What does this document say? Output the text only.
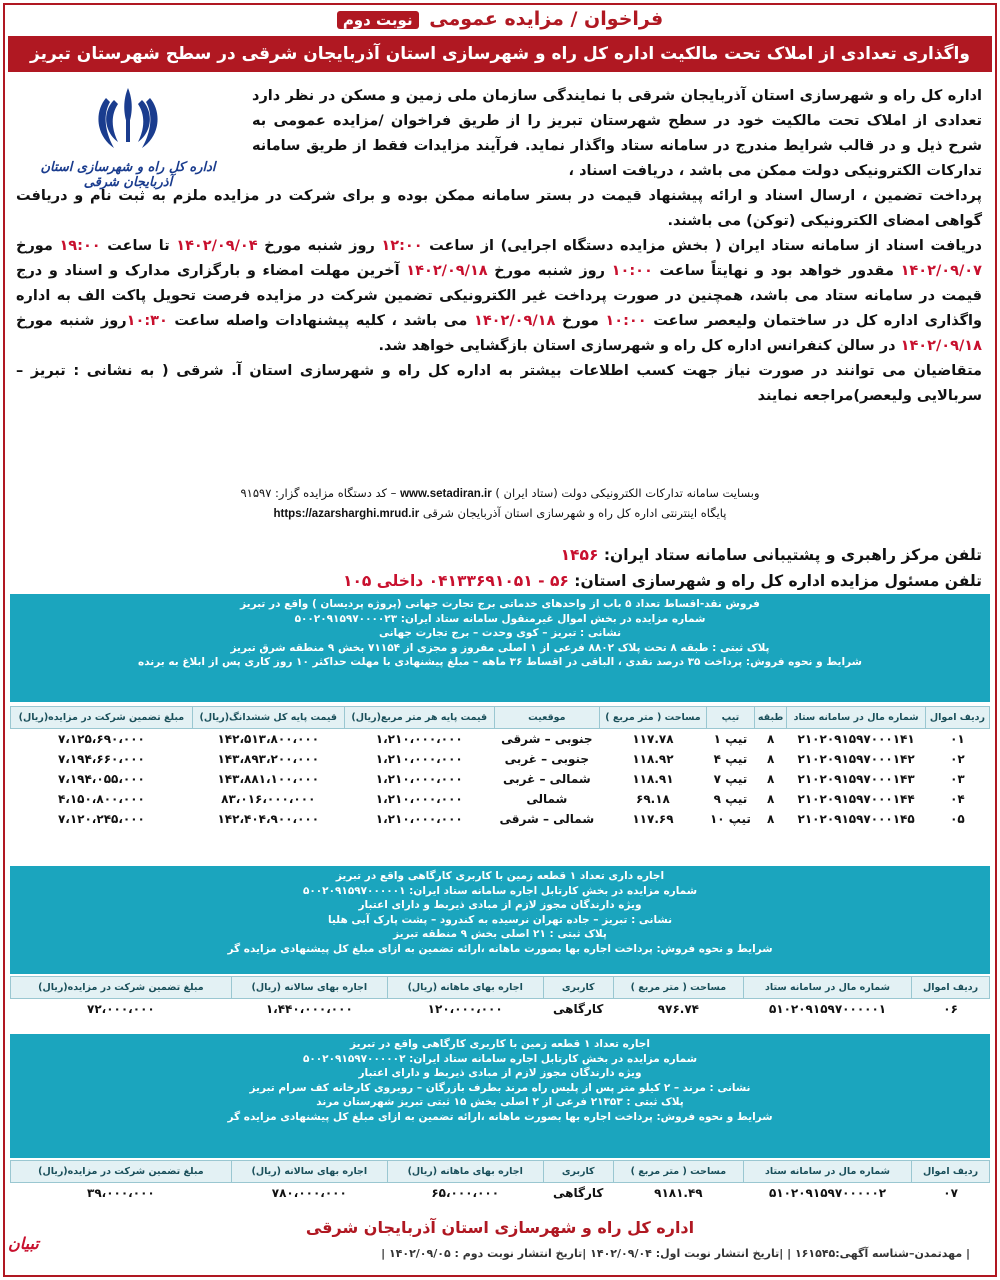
فراخوان / مزایده عمومی نوبت دوم
واگذاری تعدادی از املاک تحت مالکیت اداره کل راه و شهرسازی استان آذربایجان شرقی در سطح شهرستان تبریز
اداره کل راه و شهرسازی استان آذربایجان شرقی
اداره کل راه و شهرسازی استان آذربایجان شرقی با نمایندگی سازمان ملی زمین و مسکن در نظر دارد تعدادی از املاک تحت مالکیت خود در سطح شهرستان تبریز را از طریق فراخوان /مزایده عمومی به شرح ذیل و در قالب شرایط مندرج در سامانه ستاد واگذار نماید. فرآیند مزایدات فقط از طریق سامانه تدارکات الکترونیکی دولت ممکن می باشد ، دریافت اسناد ،

پرداخت تضمین ، ارسال اسناد و ارائه پیشنهاد قیمت در بستر سامانه ممکن بوده و برای شرکت در مزایده ملزم به ثبت نام و دریافت گواهی امضای الکترونیکی (توکن) می باشند.

دریافت اسناد از سامانه ستاد ایران ( بخش مزایده دستگاه اجرایی) از ساعت ۱۲:۰۰ روز شنبه مورخ ۱۴۰۲/۰۹/۰۴ تا ساعت ۱۹:۰۰ مورخ ۱۴۰۲/۰۹/۰۷ مقدور خواهد بود و نهایتاً ساعت ۱۰:۰۰ روز شنبه مورخ ۱۴۰۲/۰۹/۱۸ آخرین مهلت امضاء و بارگزاری مدارک و اسناد و درج قیمت در سامانه ستاد می باشد، همچنین در صورت پرداخت غیر الکترونیکی تضمین شرکت در مزایده فرصت تحویل پاکت الف به اداره واگذاری اداره کل در ساختمان ولیعصر ساعت ۱۰:۰۰ مورخ ۱۴۰۲/۰۹/۱۸ می باشد ، کلیه پیشنهادات واصله ساعت ۱۰:۳۰روز شنبه مورخ ۱۴۰۲/۰۹/۱۸ در سالن کنفرانس اداره کل راه و شهرسازی استان بازگشایی خواهد شد.

متقاضیان می توانند در صورت نیاز جهت کسب اطلاعات بیشتر به اداره کل راه و شهرسازی استان آ. شرقی ( به نشانی : تبریز – سربالایی ولیعصر)مراجعه نمایند

وبسایت سامانه تدارکات الکترونیکی دولت (ستاد ایران ) www.setadiran.ir – کد دستگاه مزایده گزار: ۹۱۵۹۷
پایگاه اینترنتی اداره کل راه و شهرسازی استان آذربایجان شرقی https://azarsharghi.mrud.ir
تلفن مرکز راهبری و پشتیبانی سامانه ستاد ایران: ۱۴۵۶
تلفن مسئول مزایده اداره کل راه و شهرسازی استان: ۵۶ - ۰۴۱۳۳۶۹۱۰۵۱ داخلی ۱۰۵
فروش نقد-اقساط تعداد ۵ باب از واحدهای خدماتی برج تجارت جهانی (پروژه پردیسان ) واقع در تبریز
شماره مزایده در بخش اموال غیرمنقول سامانه ستاد ایران: ۵۰۰۲۰۹۱۵۹۷۰۰۰۰۲۳
نشانی : تبریز – کوی وحدت – برج تجارت جهانی
پلاک ثبتی : طبقه ۸ تحت پلاک ۸۸۰۲ فرعی از ۱ اصلی مفروز و مجزی از ۷۱۱۵۴ بخش ۹ منطقه شرق تبریز
شرایط و نحوه فروش: پرداخت ۳۵ درصد نقدی ، الباقی در اقساط ۳۶ ماهه – مبلغ پیشنهادی با مهلت حداکثر ۱۰ روز کاری پس از ابلاغ به برنده
ردیف اموال	شماره مال در سامانه ستاد	طبقه	تیپ	مساحت ( متر مربع )	موقعیت	قیمت پایه هر متر مربع(ریال)	قیمت پایه کل ششدانگ(ریال)	مبلغ تضمین شرکت در مزایده(ریال)
۰۱	۲۱۰۲۰۹۱۵۹۷۰۰۰۱۴۱	۸	تیپ ۱	۱۱۷.۷۸	جنوبی – شرقی	۱،۲۱۰،۰۰۰،۰۰۰	۱۴۲،۵۱۳،۸۰۰،۰۰۰	۷،۱۲۵،۶۹۰،۰۰۰
۰۲	۲۱۰۲۰۹۱۵۹۷۰۰۰۱۴۲	۸	تیپ ۴	۱۱۸.۹۲	جنوبی – غربی	۱،۲۱۰،۰۰۰،۰۰۰	۱۴۳،۸۹۳،۲۰۰،۰۰۰	۷،۱۹۴،۶۶۰،۰۰۰
۰۳	۲۱۰۲۰۹۱۵۹۷۰۰۰۱۴۳	۸	تیپ ۷	۱۱۸.۹۱	شمالی – غربی	۱،۲۱۰،۰۰۰،۰۰۰	۱۴۳،۸۸۱،۱۰۰،۰۰۰	۷،۱۹۴،۰۵۵،۰۰۰
۰۴	۲۱۰۲۰۹۱۵۹۷۰۰۰۱۴۴	۸	تیپ ۹	۶۹.۱۸	شمالی	۱،۲۱۰،۰۰۰،۰۰۰	۸۳،۰۱۶،۰۰۰،۰۰۰	۴،۱۵۰،۸۰۰،۰۰۰
۰۵	۲۱۰۲۰۹۱۵۹۷۰۰۰۱۴۵	۸	تیپ ۱۰	۱۱۷.۶۹	شمالی – شرقی	۱،۲۱۰،۰۰۰،۰۰۰	۱۴۲،۴۰۴،۹۰۰،۰۰۰	۷،۱۲۰،۲۴۵،۰۰۰
اجاره داری تعداد ۱ قطعه زمین با کاربری کارگاهی واقع در تبریز
شماره مزایده در بخش کارتابل اجاره سامانه ستاد ایران: ۵۰۰۲۰۹۱۵۹۷۰۰۰۰۰۱
ویژه دارندگان مجوز لازم از مبادی ذیربط و دارای اعتبار
نشانی : تبریز – جاده تهران نرسیده به کندرود – پشت پارک آبی هلیا
پلاک ثبتی : ۲۱ اصلی بخش ۹ منطقه تبریز
شرایط و نحوه فروش: پرداخت اجاره بها بصورت ماهانه ،ارائه تضمین به ازای مبلغ کل پیشنهادی مزایده گر
ردیف اموال	شماره مال در سامانه ستاد	مساحت ( متر مربع )	کاربری	اجاره بهای ماهانه (ریال)	اجاره بهای سالانه (ریال)	مبلغ تضمین شرکت در مزایده(ریال)
۰۶	۵۱۰۲۰۹۱۵۹۷۰۰۰۰۰۱	۹۷۶.۷۴	کارگاهی	۱۲۰،۰۰۰،۰۰۰	۱،۴۴۰،۰۰۰،۰۰۰	۷۲،۰۰۰،۰۰۰
اجاره تعداد ۱ قطعه زمین با کاربری کارگاهی واقع در تبریز
شماره مزایده در بخش کارتابل اجاره سامانه ستاد ایران: ۵۰۰۲۰۹۱۵۹۷۰۰۰۰۰۲
ویژه دارندگان مجوز لازم از مبادی ذیربط و دارای اعتبار
نشانی : مرند – ۲ کیلو متر پس از پلیس راه مرند بطرف بازرگان – روبروی کارخانه کف سرام تبریز
پلاک ثبتی : ۲۱۳۵۳ فرعی از ۲ اصلی بخش ۱۵ ثبتی تبریز شهرستان مرند
شرایط و نحوه فروش: پرداخت اجاره بها بصورت ماهانه ،ارائه تضمین به ازای مبلغ کل پیشنهادی مزایده گر
ردیف اموال	شماره مال در سامانه ستاد	مساحت ( متر مربع )	کاربری	اجاره بهای ماهانه (ریال)	اجاره بهای سالانه (ریال)	مبلغ تضمین شرکت در مزایده(ریال)
۰۷	۵۱۰۲۰۹۱۵۹۷۰۰۰۰۰۲	۹۱۸۱.۴۹	کارگاهی	۶۵،۰۰۰،۰۰۰	۷۸۰،۰۰۰،۰۰۰	۳۹،۰۰۰،۰۰۰
اداره کل راه و شهرسازی استان آذربایجان شرقی
| مهدتمدن–شناسه آگهی:۱۶۱۵۴۵ | |تاریخ انتشار نوبت اول: ۱۴۰۲/۰۹/۰۴ |تاریخ انتشار نوبت دوم : ۱۴۰۲/۰۹/۰۵ |
تبیان
